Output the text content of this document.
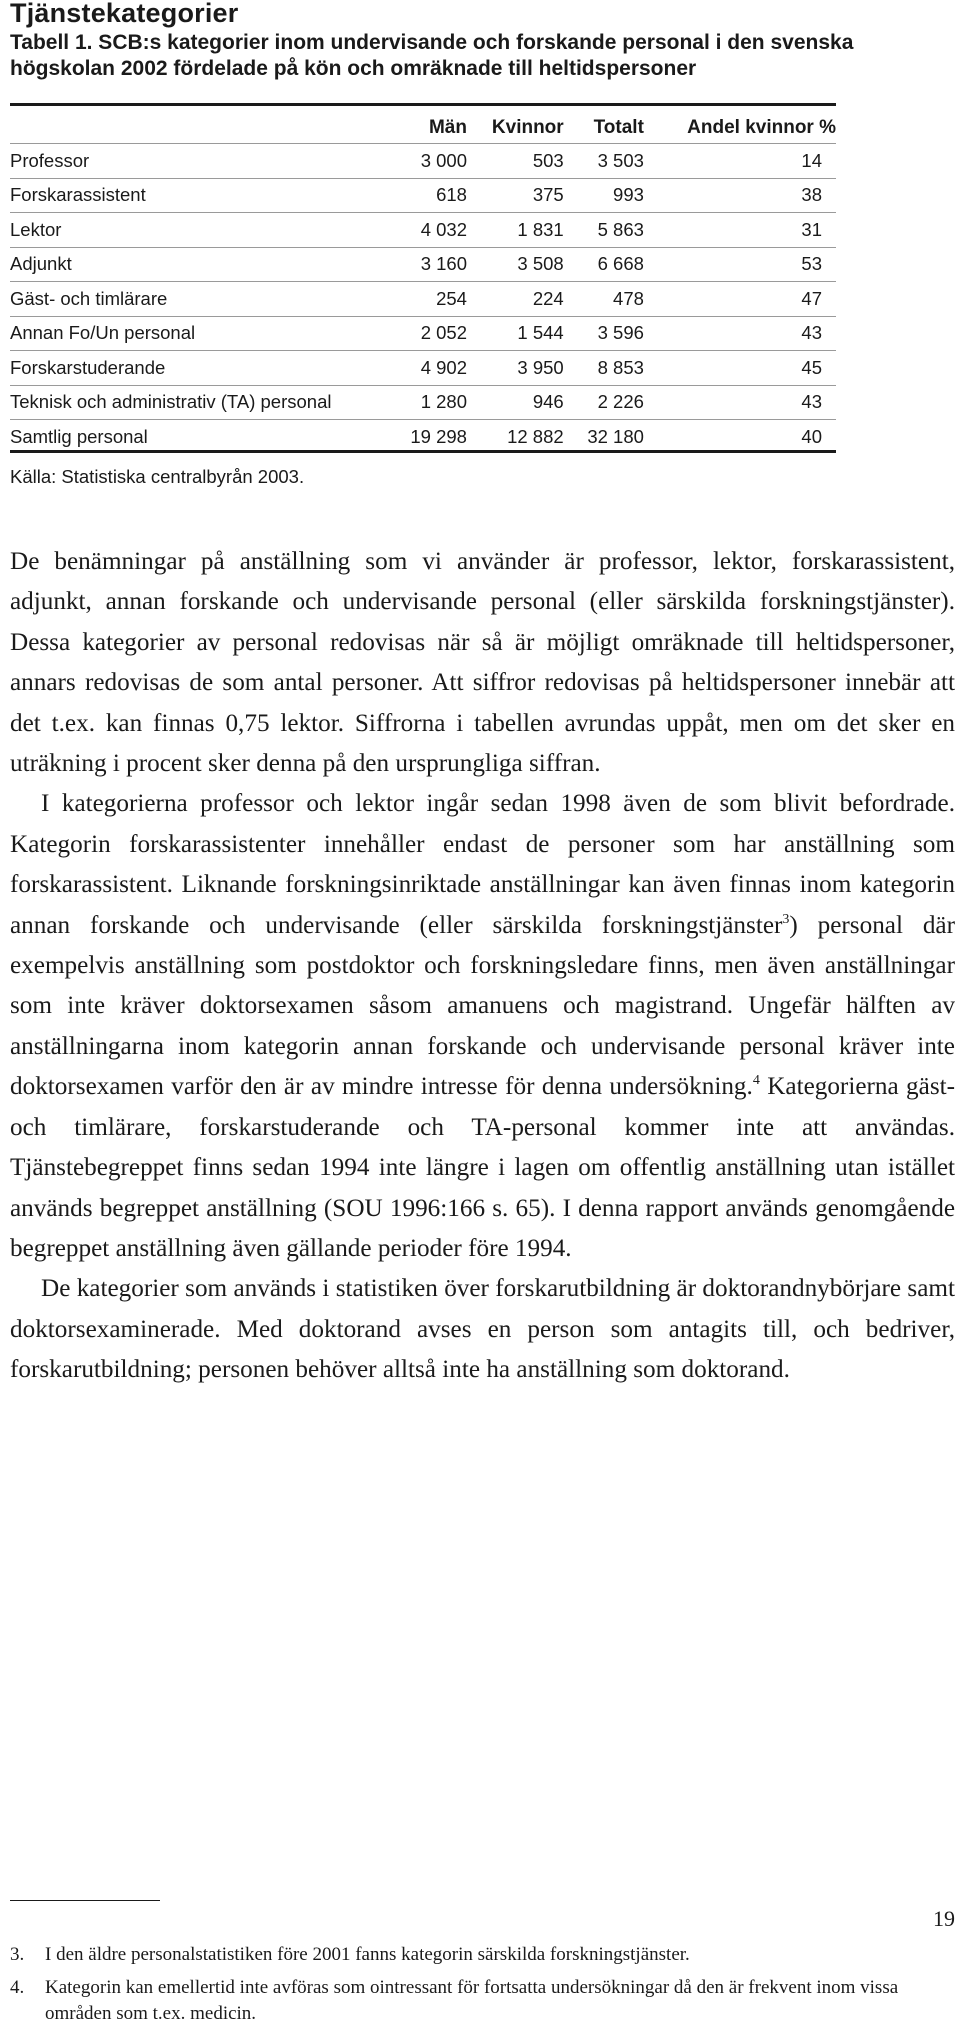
Tjänstekategorier
Tabell 1. SCB:s kategorier inom undervisande och forskande personal i den svenska högskolan 2002 fördelade på kön och omräknade till heltidspersoner
	Män	Kvinnor	Totalt	Andel kvinnor %
Professor	3 000	503	3 503	14
Forskarassistent	618	375	993	38
Lektor	4 032	1 831	5 863	31
Adjunkt	3 160	3 508	6 668	53
Gäst- och timlärare	254	224	478	47
Annan Fo/Un personal	2 052	1 544	3 596	43
Forskarstuderande	4 902	3 950	8 853	45
Teknisk och administrativ (TA) personal	1 280	946	2 226	43
Samtlig personal	19 298	12 882	32 180	40
Källa: Statistiska centralbyrån 2003.

De benämningar på anställning som vi använder är professor, lektor, forskarassistent, adjunkt, annan forskande och undervisande personal (eller särskilda forskningstjänster). Dessa kategorier av personal redovisas när så är möjligt omräknade till heltidspersoner, annars redovisas de som antal personer. Att siffror redovisas på heltidspersoner innebär att det t.ex. kan finnas 0,75 lektor. Siffrorna i tabellen avrundas uppåt, men om det sker en uträkning i procent sker denna på den ursprungliga siffran.

I kategorierna professor och lektor ingår sedan 1998 även de som blivit befordrade. Kategorin forskarassistenter innehåller endast de personer som har anställning som forskarassistent. Liknande forskningsinriktade anställningar kan även finnas inom kategorin annan forskande och undervisande (eller särskilda forskningstjänster$^3$) personal där exempelvis anställning som postdoktor och forskningsledare finns, men även anställningar som inte kräver doktorsexamen såsom amanuens och magistrand. Ungefär hälften av anställningarna inom kategorin annan forskande och undervisande personal kräver inte doktorsexamen varför den är av mindre intresse för denna undersökning.$^4$ Kategorierna gäst- och timlärare, forskarstuderande och TA-personal kommer inte att användas. Tjänstebegreppet finns sedan 1994 inte längre i lagen om offentlig anställning utan istället används begreppet anställning (SOU 1996:166 s. 65). I denna rapport används genomgående begreppet anställning även gällande perioder före 1994.

De kategorier som används i statistiken över forskarutbildning är doktorandnybörjare samt doktorsexaminerade. Med doktorand avses en person som antagits till, och bedriver, forskarutbildning; personen behöver alltså inte ha anställning som doktorand.

3. I den äldre personalstatistiken före 2001 fanns kategorin särskilda forskningstjänster.
4. Kategorin kan emellertid inte avföras som ointressant för fortsatta undersökningar då den är frekvent inom vissa områden som t.ex. medicin.
19
